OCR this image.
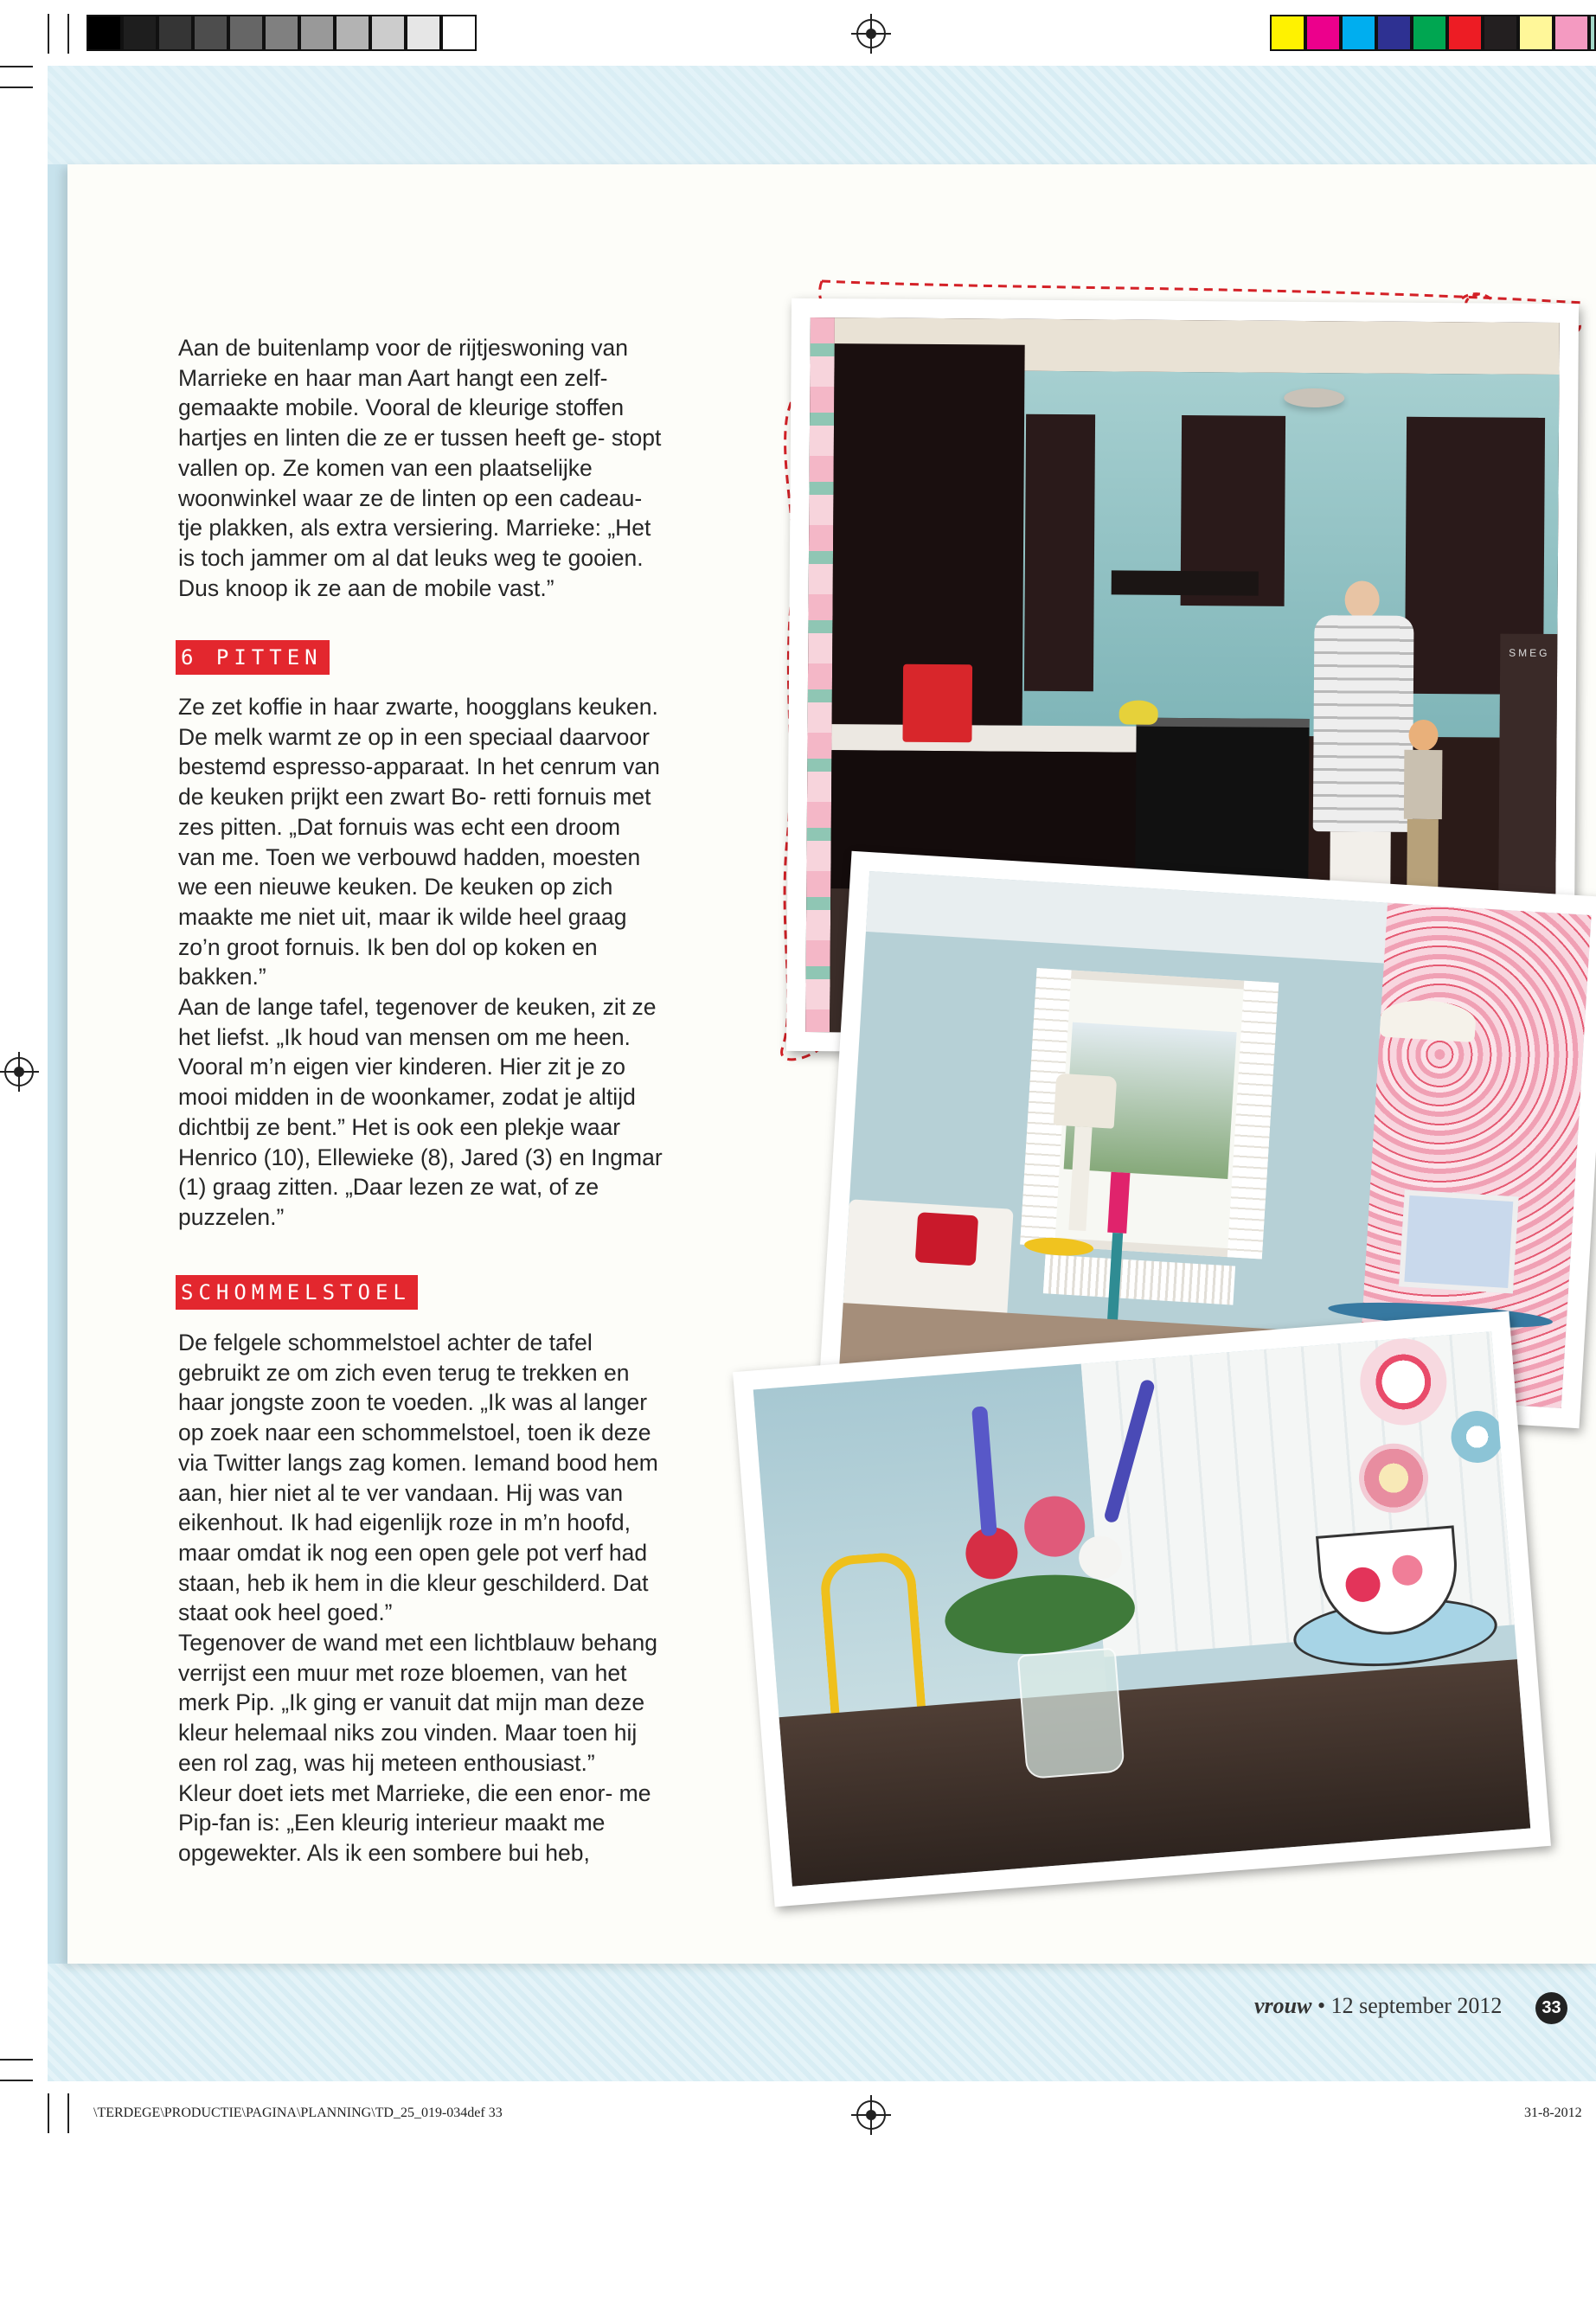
Aan de buitenlamp voor de rijtjeswoning van Marrieke en haar man Aart hangt een zelf- gemaakte mobile. Vooral de kleurige stoffen hartjes en linten die ze er tussen heeft ge- stopt vallen op. Ze komen van een plaatselijke woonwinkel waar ze de linten op een cadeau- tje plakken, als extra versiering. Marrieke: „Het is toch jammer om al dat leuks weg te gooien. Dus knoop ik ze aan de mobile vast.”

6 PITTEN

Ze zet koffie in haar zwarte, hoogglans keuken. De melk warmt ze op in een speciaal daarvoor bestemd espresso-apparaat. In het cenrum van de keuken prijkt een zwart Bo- retti fornuis met zes pitten. „Dat fornuis was echt een droom van me. Toen we verbouwd hadden, moesten we een nieuwe keuken. De keuken op zich maakte me niet uit, maar ik wilde heel graag zo’n groot fornuis. Ik ben dol op koken en bakken.”

Aan de lange tafel, tegenover de keuken, zit ze het liefst. „Ik houd van mensen om me heen. Vooral m’n eigen vier kinderen. Hier zit je zo mooi midden in de woonkamer, zodat je altijd dichtbij ze bent.” Het is ook een plekje waar Henrico (10), Ellewieke (8), Jared (3) en Ingmar (1) graag zitten. „Daar lezen ze wat, of ze puzzelen.”

SCHOMMELSTOEL

De felgele schommelstoel achter de tafel gebruikt ze om zich even terug te trekken en haar jongste zoon te voeden. „Ik was al langer op zoek naar een schommelstoel, toen ik deze via Twitter langs zag komen. Iemand bood hem aan, hier niet al te ver vandaan. Hij was van eikenhout. Ik had eigenlijk roze in m’n hoofd, maar omdat ik nog een open gele pot verf had staan, heb ik hem in die kleur geschilderd. Dat staat ook heel goed.”

Tegenover de wand met een lichtblauw behang verrijst een muur met roze bloemen, van het merk Pip. „Ik ging er vanuit dat mijn man deze kleur helemaal niks zou vinden. Maar toen hij een rol zag, was hij meteen enthousiast.”

Kleur doet iets met Marrieke, die een enor- me Pip-fan is: „Een kleurig interieur maakt me opgewekter. Als ik een sombere bui heb,

SMEG
vrouw • 12 september 2012	33
\TERDEGE\PRODUCTIE\PAGINA\PLANNING\TD_25_019-034def 33	31-8-2012
